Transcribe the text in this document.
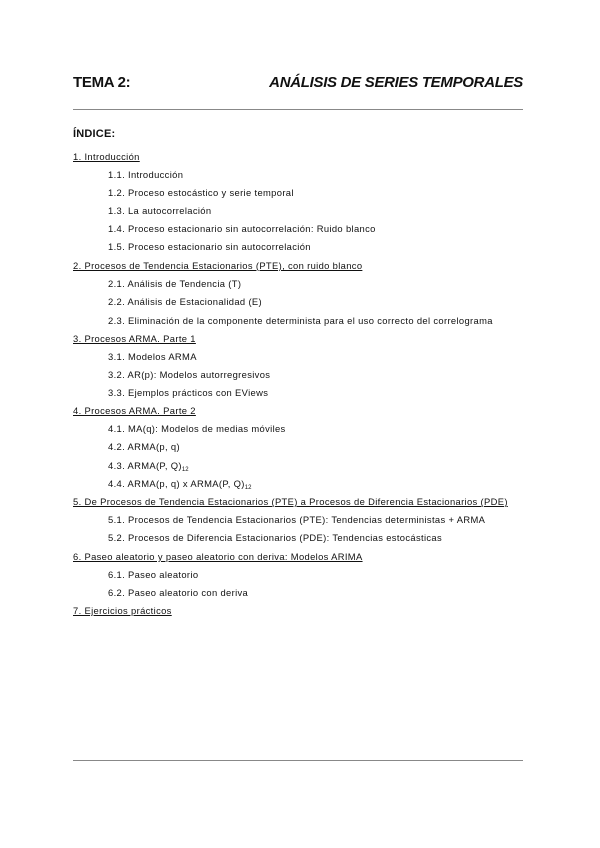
TEMA 2:	ANÁLISIS DE SERIES TEMPORALES
ÍNDICE:
1. Introducción
1.1. Introducción
1.2. Proceso estocástico y serie temporal
1.3. La autocorrelación
1.4. Proceso estacionario sin autocorrelación: Ruido blanco
1.5. Proceso estacionario sin autocorrelación
2. Procesos de Tendencia Estacionarios (PTE), con ruido blanco
2.1. Análisis de Tendencia (T)
2.2. Análisis de Estacionalidad (E)
2.3. Eliminación de la componente determinista para el uso correcto del correlograma
3. Procesos ARMA. Parte 1
3.1. Modelos ARMA
3.2. AR(p): Modelos autorregresivos
3.3. Ejemplos prácticos con EViews
4. Procesos ARMA. Parte 2
4.1. MA(q): Modelos de medias móviles
4.2. ARMA(p, q)
4.3. ARMA(P, $Q)_{12}$
4.4. ARMA(p, q) x ARMA(P, $Q)_{12}$
5. De Procesos de Tendencia Estacionarios (PTE) a Procesos de Diferencia Estacionarios (PDE)
5.1. Procesos de Tendencia Estacionarios (PTE): Tendencias deterministas + ARMA
5.2. Procesos de Diferencia Estacionarios (PDE): Tendencias estocásticas
6. Paseo aleatorio y paseo aleatorio con deriva: Modelos ARIMA
6.1. Paseo aleatorio
6.2. Paseo aleatorio con deriva
7. Ejercicios prácticos
